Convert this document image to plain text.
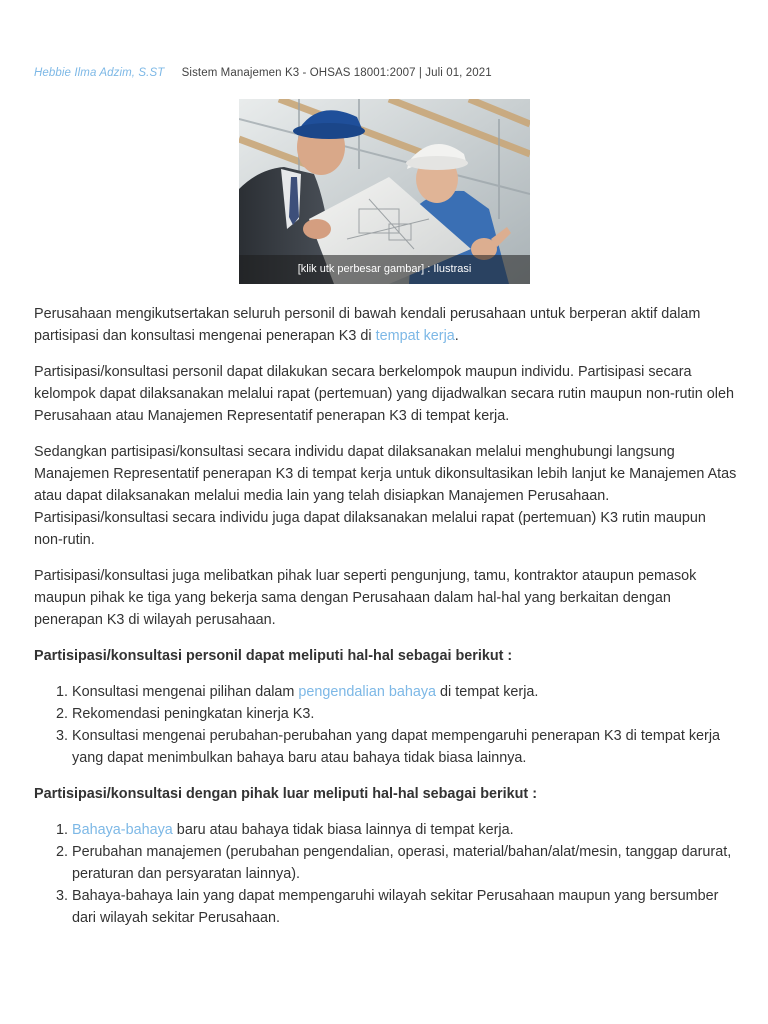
Hebbie Ilma Adzim, S.ST Sistem Manajemen K3 - OHSAS 18001:2007 | Juli 01, 2021
[klik utk perbesar gambar] : Ilustrasi

Perusahaan mengikutsertakan seluruh personil di bawah kendali perusahaan untuk berperan aktif dalam partisipasi dan konsultasi mengenai penerapan K3 di tempat kerja.

Partisipasi/konsultasi personil dapat dilakukan secara berkelompok maupun individu. Partisipasi secara kelompok dapat dilaksanakan melalui rapat (pertemuan) yang dijadwalkan secara rutin maupun non-rutin oleh Perusahaan atau Manajemen Representatif penerapan K3 di tempat kerja.

Sedangkan partisipasi/konsultasi secara individu dapat dilaksanakan melalui menghubungi langsung Manajemen Representatif penerapan K3 di tempat kerja untuk dikonsultasikan lebih lanjut ke Manajemen Atas atau dapat dilaksanakan melalui media lain yang telah disiapkan Manajemen Perusahaan. Partisipasi/konsultasi secara individu juga dapat dilaksanakan melalui rapat (pertemuan) K3 rutin maupun non-rutin.

Partisipasi/konsultasi juga melibatkan pihak luar seperti pengunjung, tamu, kontraktor ataupun pemasok maupun pihak ke tiga yang bekerja sama dengan Perusahaan dalam hal-hal yang berkaitan dengan penerapan K3 di wilayah perusahaan.

Partisipasi/konsultasi personil dapat meliputi hal-hal sebagai berikut :

1. Konsultasi mengenai pilihan dalam pengendalian bahaya di tempat kerja.
2. Rekomendasi peningkatan kinerja K3.
3. Konsultasi mengenai perubahan-perubahan yang dapat mempengaruhi penerapan K3 di tempat kerja yang dapat menimbulkan bahaya baru atau bahaya tidak biasa lainnya.

Partisipasi/konsultasi dengan pihak luar meliputi hal-hal sebagai berikut :

1. Bahaya-bahaya baru atau bahaya tidak biasa lainnya di tempat kerja.
2. Perubahan manajemen (perubahan pengendalian, operasi, material/bahan/alat/mesin, tanggap darurat, peraturan dan persyaratan lainnya).
3. Bahaya-bahaya lain yang dapat mempengaruhi wilayah sekitar Perusahaan maupun yang bersumber dari wilayah sekitar Perusahaan.
